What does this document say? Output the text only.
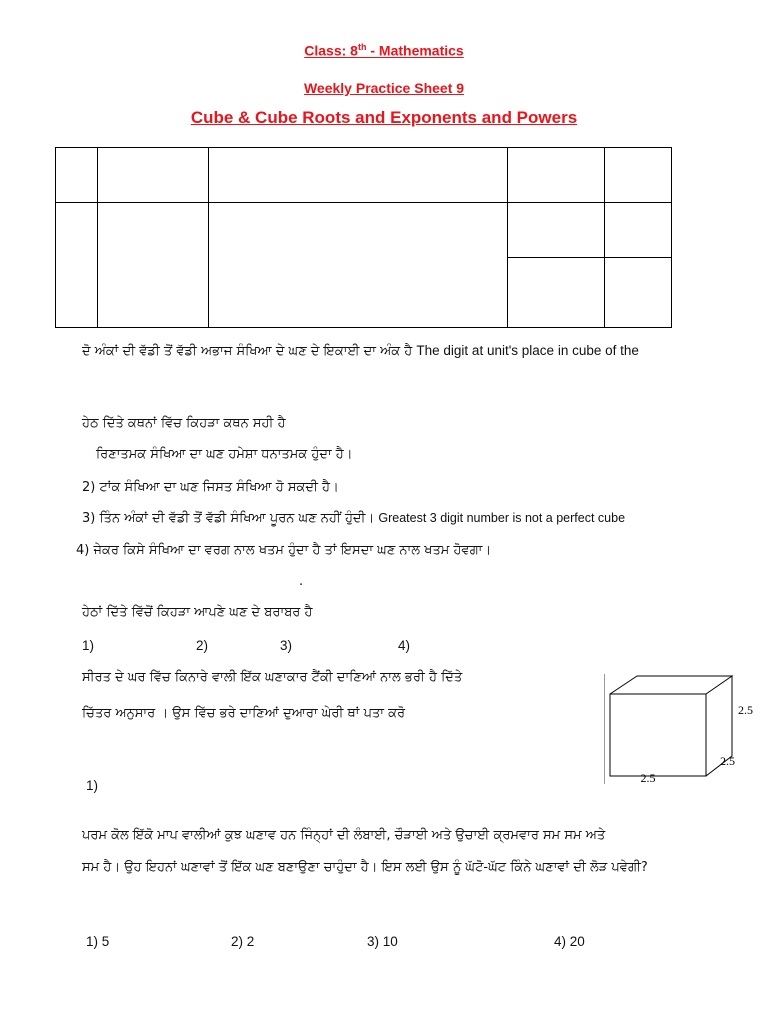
Class: 8th - Mathematics
Weekly Practice Sheet 9
Cube & Cube Roots and Exponents and Powers

ਦੋ ਅੰਕਾਂ ਦੀ ਵੱਡੀ ਤੋਂ ਵੱਡੀ ਅਭਾਜ ਸੰਖਿਆ ਦੇ ਘਣ ਦੇ ਇਕਾਈ ਦਾ ਅੰਕ ਹੈ The digit at unit's place in cube of the
ਹੇਠ ਦਿੱਤੇ ਕਥਨਾਂ ਵਿੱਚ ਕਿਹੜਾ ਕਥਨ ਸਹੀ ਹੈ
ਰਿਣਾਤਮਕ ਸੰਖਿਆ ਦਾ ਘਣ ਹਮੇਸ਼ਾ ਧਨਾਤਮਕ ਹੁੰਦਾ ਹੈ।
2) ਟਾਂਕ ਸੰਖਿਆ ਦਾ ਘਣ ਜਿਸਤ ਸੰਖਿਆ ਹੋ ਸਕਦੀ ਹੈ।
3) ਤਿੰਨ ਅੰਕਾਂ ਦੀ ਵੱਡੀ ਤੋਂ ਵੱਡੀ ਸੰਖਿਆ ਪੂਰਨ ਘਣ ਨਹੀਂ ਹੁੰਦੀ। Greatest 3 digit number is not a perfect cube
4) ਜੇਕਰ ਕਿਸੇ ਸੰਖਿਆ ਦਾ ਵਰਗ ਨਾਲ ਖਤਮ ਹੁੰਦਾ ਹੈ ਤਾਂ ਇਸਦਾ ਘਣ ਨਾਲ ਖਤਮ ਹੋਵਗਾ।
.
ਹੇਠਾਂ ਦਿੱਤੇ ਵਿੱਚੋਂ ਕਿਹੜਾ ਆਪਣੇ ਘਣ ਦੇ ਬਰਾਬਰ ਹੈ
1)	2)	3)	4)
ਸੀਰਤ ਦੇ ਘਰ ਵਿੱਚ ਕਿਨਾਰੇ ਵਾਲੀ ਇੱਕ ਘਣਾਕਾਰ ਟੈਂਕੀ ਦਾਣਿਆਂ ਨਾਲ ਭਰੀ ਹੈ ਦਿੱਤੇ
ਚਿੱਤਰ ਅਨੁਸਾਰ । ਉਸ ਵਿੱਚ ਭਰੇ ਦਾਣਿਆਂ ਦੁਆਰਾ ਘੇਰੀ ਥਾਂ ਪਤਾ ਕਰੋ
1)
2.5
2.5
2.5
ਪਰਮ ਕੋਲ ਇੱਕੋ ਮਾਪ ਵਾਲੀਆਂ ਕੁਝ ਘਣਾਵ ਹਨ ਜਿੰਨ੍ਹਾਂ ਦੀ ਲੰਬਾਈ, ਚੌੜਾਈ ਅਤੇ ਉਚਾਈ ਕ੍ਰਮਵਾਰ ਸਮ ਸਮ ਅਤੇ
ਸਮ ਹੈ। ਉਹ ਇਹਨਾਂ ਘਣਾਵਾਂ ਤੋਂ ਇੱਕ ਘਣ ਬਣਾਉਣਾ ਚਾਹੁੰਦਾ ਹੈ। ਇਸ ਲਈ ਉਸ ਨੂੰ ਘੱਟੋ-ਘੱਟ ਕਿੰਨੇ ਘਣਾਵਾਂ ਦੀ ਲੋੜ ਪਵੇਗੀ?
1) 5	2) 2	3) 10	4) 20
